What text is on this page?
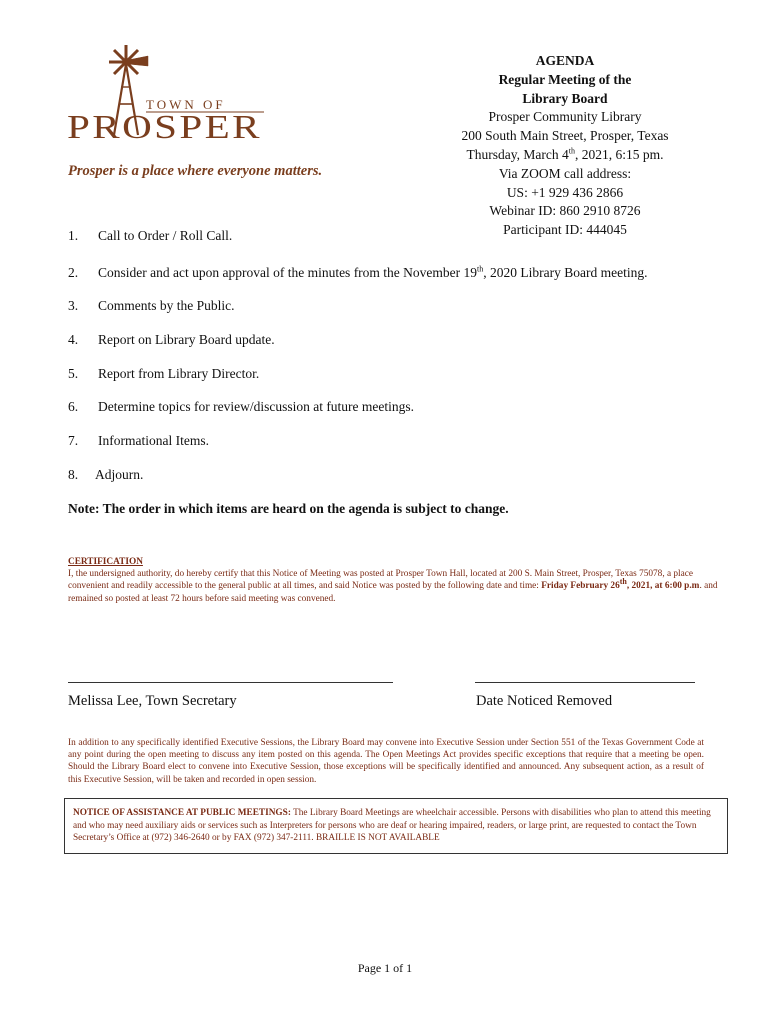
TOWN OF
PROSPER
Prosper is a place where everyone matters.
AGENDA
Regular Meeting of the
Library Board
Prosper Community Library
200 South Main Street, Prosper, Texas
Thursday, March 4th, 2021, 6:15 pm.
Via ZOOM call address:
US: +1 929 436 2866
Webinar ID: 860 2910 8726
Participant ID: 444045
1. Call to Order / Roll Call.
2. Consider and act upon approval of the minutes from the November 19th, 2020 Library Board meeting.
3. Comments by the Public.
4. Report on Library Board update.
5. Report from Library Director.
6. Determine topics for review/discussion at future meetings.
7. Informational Items.
8. Adjourn.
Note: The order in which items are heard on the agenda is subject to change.
CERTIFICATION
I, the undersigned authority, do hereby certify that this Notice of Meeting was posted at Prosper Town Hall, located at 200 S. Main Street, Prosper, Texas 75078, a place convenient and readily accessible to the general public at all times, and said Notice was posted by the following date and time: Friday February 26th, 2021, at 6:00 p.m. and remained so posted at least 72 hours before said meeting was convened.
Melissa Lee, Town Secretary	Date Noticed Removed
In addition to any specifically identified Executive Sessions, the Library Board may convene into Executive Session under Section 551 of the Texas Government Code at any point during the open meeting to discuss any item posted on this agenda. The Open Meetings Act provides specific exceptions that require that a meeting be open. Should the Library Board elect to convene into Executive Session, those exceptions will be specifically identified and announced. Any subsequent action, as a result of this Executive Session, will be taken and recorded in open session.
NOTICE OF ASSISTANCE AT PUBLIC MEETINGS: The Library Board Meetings are wheelchair accessible. Persons with disabilities who plan to attend this meeting and who may need auxiliary aids or services such as Interpreters for persons who are deaf or hearing impaired, readers, or large print, are requested to contact the Town Secretary’s Office at (972) 346-2640 or by FAX (972) 347-2111. BRAILLE IS NOT AVAILABLE
Page 1 of 1
